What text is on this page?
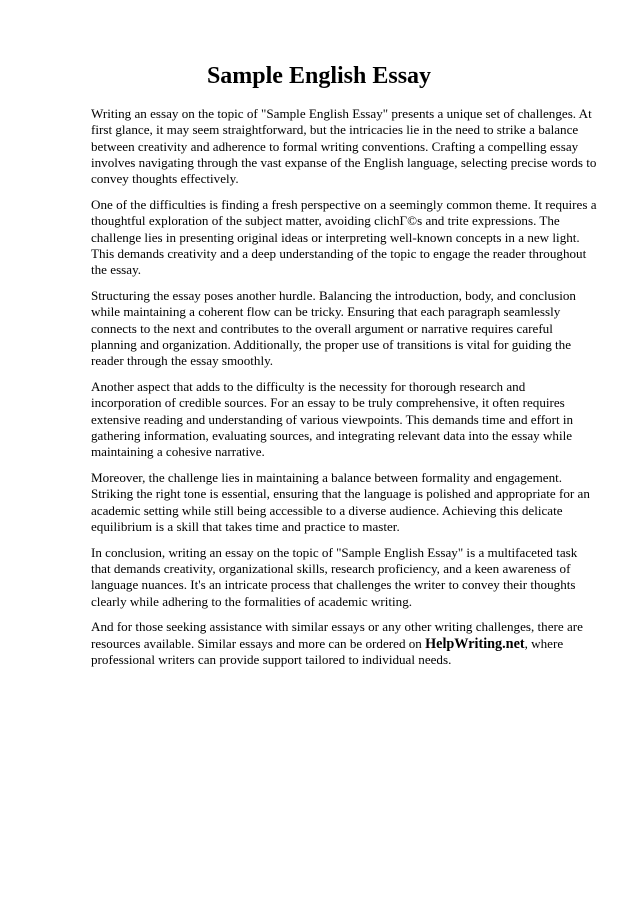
Sample English Essay

Writing an essay on the topic of "Sample English Essay" presents a unique set of challenges. At first glance, it may seem straightforward, but the intricacies lie in the need to strike a balance between creativity and adherence to formal writing conventions. Crafting a compelling essay involves navigating through the vast expanse of the English language, selecting precise words to convey thoughts effectively.

One of the difficulties is finding a fresh perspective on a seemingly common theme. It requires a thoughtful exploration of the subject matter, avoiding clichГ©s and trite expressions. The challenge lies in presenting original ideas or interpreting well-known concepts in a new light. This demands creativity and a deep understanding of the topic to engage the reader throughout the essay.

Structuring the essay poses another hurdle. Balancing the introduction, body, and conclusion while maintaining a coherent flow can be tricky. Ensuring that each paragraph seamlessly connects to the next and contributes to the overall argument or narrative requires careful planning and organization. Additionally, the proper use of transitions is vital for guiding the reader through the essay smoothly.

Another aspect that adds to the difficulty is the necessity for thorough research and incorporation of credible sources. For an essay to be truly comprehensive, it often requires extensive reading and understanding of various viewpoints. This demands time and effort in gathering information, evaluating sources, and integrating relevant data into the essay while maintaining a cohesive narrative.

Moreover, the challenge lies in maintaining a balance between formality and engagement. Striking the right tone is essential, ensuring that the language is polished and appropriate for an academic setting while still being accessible to a diverse audience. Achieving this delicate equilibrium is a skill that takes time and practice to master.

In conclusion, writing an essay on the topic of "Sample English Essay" is a multifaceted task that demands creativity, organizational skills, research proficiency, and a keen awareness of language nuances. It's an intricate process that challenges the writer to convey their thoughts clearly while adhering to the formalities of academic writing.

And for those seeking assistance with similar essays or any other writing challenges, there are resources available. Similar essays and more can be ordered on HelpWriting.net, where professional writers can provide support tailored to individual needs.
